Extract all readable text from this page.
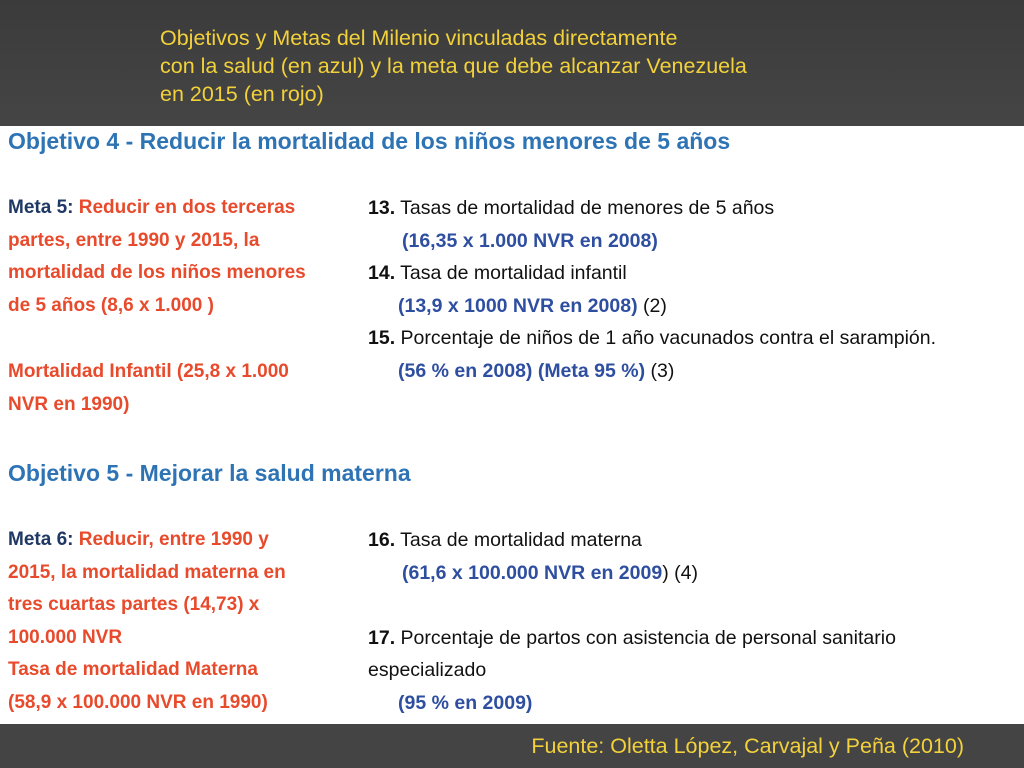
Objetivos y Metas del Milenio vinculadas directamente
con la salud (en azul) y la meta que debe alcanzar Venezuela
en 2015 (en rojo)
Objetivo 4 - Reducir la mortalidad de los niños menores de 5 años
Meta 5: Reducir en dos terceras
partes, entre 1990 y 2015, la
mortalidad de los niños menores
de 5 años (8,6 x 1.000 )
Mortalidad Infantil (25,8 x 1.000
NVR en 1990)
13. Tasas de mortalidad de menores de 5 años
(16,35 x 1.000 NVR en 2008)
14. Tasa de mortalidad infantil
(13,9 x 1000 NVR en 2008) (2)
15. Porcentaje de niños de 1 año vacunados contra el sarampión.
(56 % en 2008) (Meta 95 %) (3)
Objetivo 5 - Mejorar la salud materna
Meta 6: Reducir, entre 1990 y
2015, la mortalidad materna en
tres cuartas partes (14,73) x
100.000 NVR
Tasa de mortalidad Materna
(58,9 x 100.000 NVR en 1990)
16. Tasa de mortalidad materna
(61,6 x 100.000 NVR en 2009) (4)
17. Porcentaje de partos con asistencia de personal sanitario
especializado
(95 % en 2009)
Fuente: Oletta López, Carvajal y Peña (2010)
